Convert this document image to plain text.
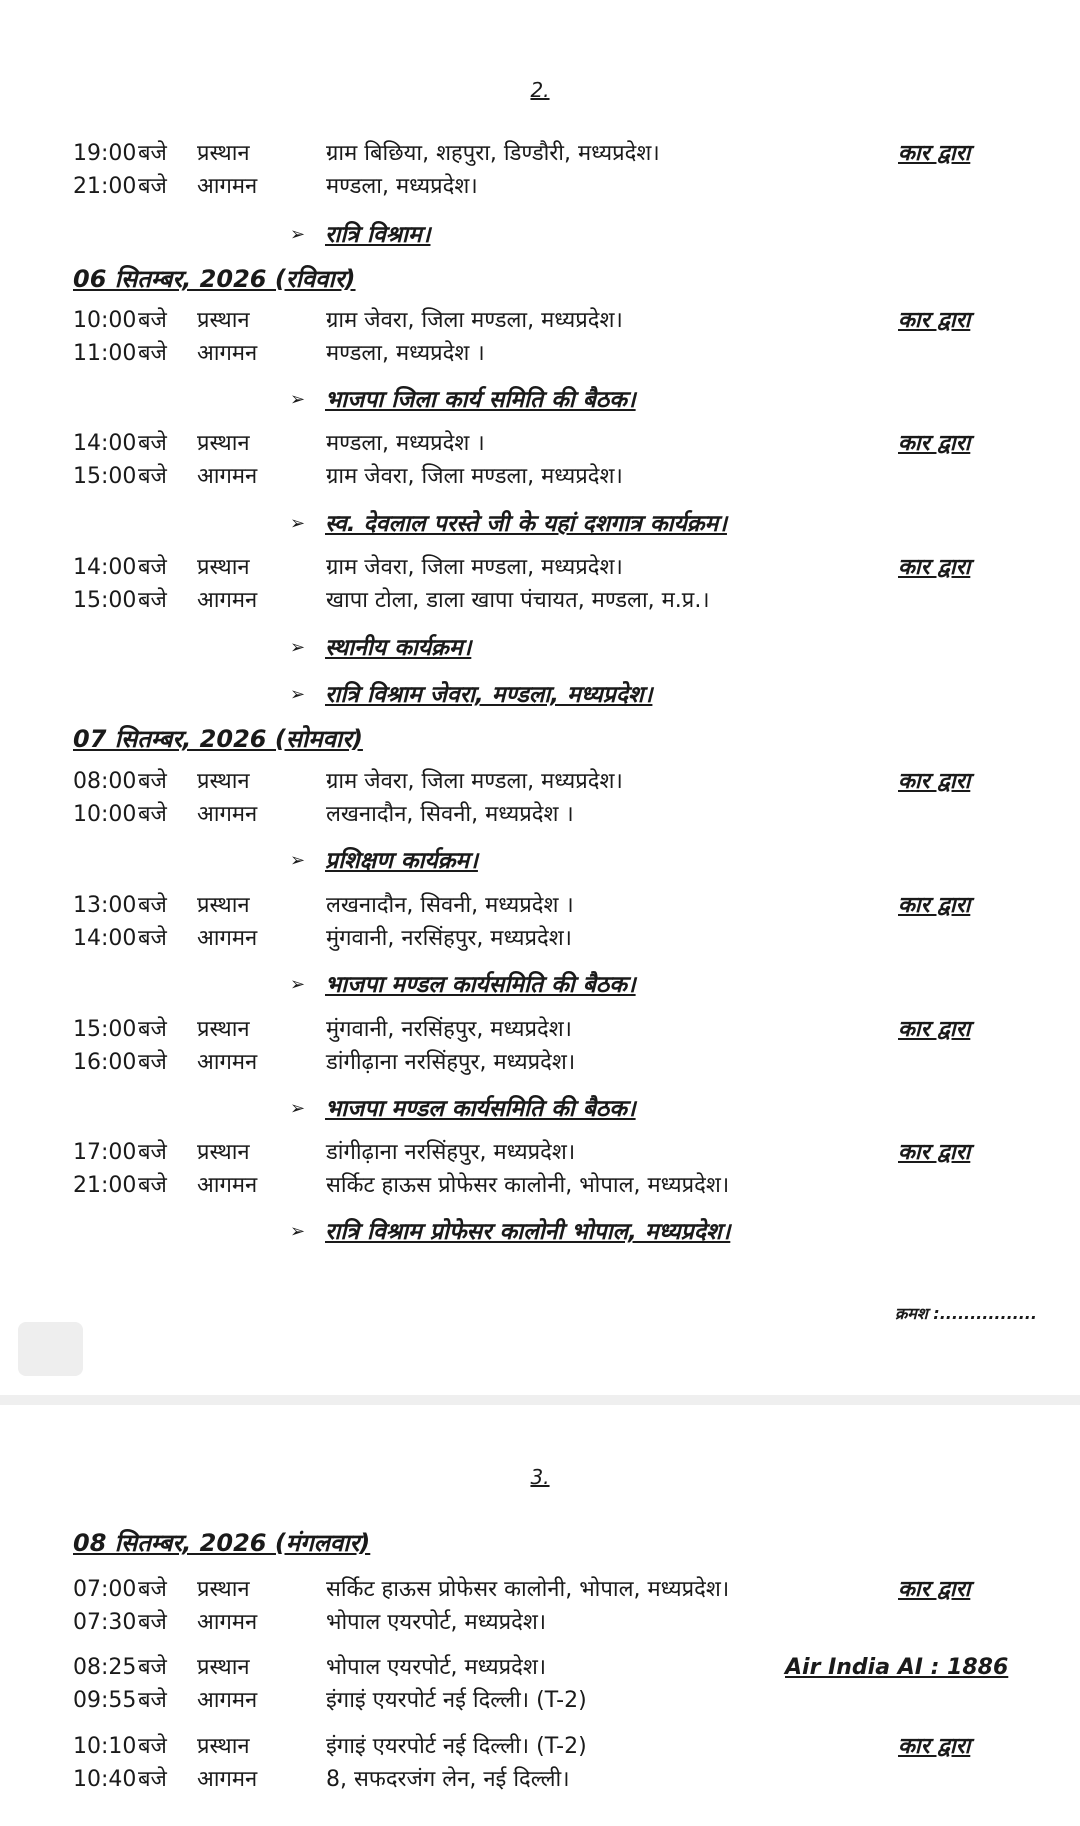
2.
19:00 बजे प्रस्थान	ग्राम बिछिया, शहपुरा, डिण्डौरी, मध्यप्रदेश।	कार द्वारा
21:00 बजे आगमन	मण्डला, मध्यप्रदेश।
➢ रात्रि विश्राम।
06 सितम्बर, 2026 (रविवार)
10:00 बजे प्रस्थान	ग्राम जेवरा, जिला मण्डला, मध्यप्रदेश।	कार द्वारा
11:00 बजे आगमन	मण्डला, मध्यप्रदेश ।
➢ भाजपा जिला कार्य समिति की बैठक।
14:00 बजे प्रस्थान	मण्डला, मध्यप्रदेश ।	कार द्वारा
15:00 बजे आगमन	ग्राम जेवरा, जिला मण्डला, मध्यप्रदेश।
➢ स्व. देवलाल परस्ते जी के यहां दशगात्र कार्यक्रम।
14:00 बजे प्रस्थान	ग्राम जेवरा, जिला मण्डला, मध्यप्रदेश।	कार द्वारा
15:00 बजे आगमन	खापा टोला, डाला खापा पंचायत, मण्डला, म.प्र.।
➢ स्थानीय कार्यक्रम।
➢ रात्रि विश्राम जेवरा, मण्डला, मध्यप्रदेश।
07 सितम्बर, 2026 (सोमवार)
08:00 बजे प्रस्थान	ग्राम जेवरा, जिला मण्डला, मध्यप्रदेश।	कार द्वारा
10:00 बजे आगमन	लखनादौन, सिवनी, मध्यप्रदेश ।
➢ प्रशिक्षण कार्यक्रम।
13:00 बजे प्रस्थान	लखनादौन, सिवनी, मध्यप्रदेश ।	कार द्वारा
14:00 बजे आगमन	मुंगवानी, नरसिंहपुर, मध्यप्रदेश।
➢ भाजपा मण्डल कार्यसमिति की बैठक।
15:00 बजे प्रस्थान	मुंगवानी, नरसिंहपुर, मध्यप्रदेश।	कार द्वारा
16:00 बजे आगमन	डांगीढ़ाना नरसिंहपुर, मध्यप्रदेश।
➢ भाजपा मण्डल कार्यसमिति की बैठक।
17:00 बजे प्रस्थान	डांगीढ़ाना नरसिंहपुर, मध्यप्रदेश।	कार द्वारा
21:00 बजे आगमन	सर्किट हाऊस प्रोफेसर कालोनी, भोपाल, मध्यप्रदेश।
➢ रात्रि विश्राम प्रोफेसर कालोनी भोपाल, मध्यप्रदेश।
क्रमश :................
3.
08 सितम्बर, 2026 (मंगलवार)
07:00 बजे प्रस्थान	सर्किट हाऊस प्रोफेसर कालोनी, भोपाल, मध्यप्रदेश।	कार द्वारा
07:30 बजे आगमन	भोपाल एयरपोर्ट, मध्यप्रदेश।
08:25 बजे प्रस्थान	भोपाल एयरपोर्ट, मध्यप्रदेश।	Air India AI : 1886
09:55 बजे आगमन	इंगाइं एयरपोर्ट नई दिल्ली। (T-2)
10:10 बजे प्रस्थान	इंगाइं एयरपोर्ट नई दिल्ली। (T-2)	कार द्वारा
10:40 बजे आगमन	8, सफदरजंग लेन, नई दिल्ली।
